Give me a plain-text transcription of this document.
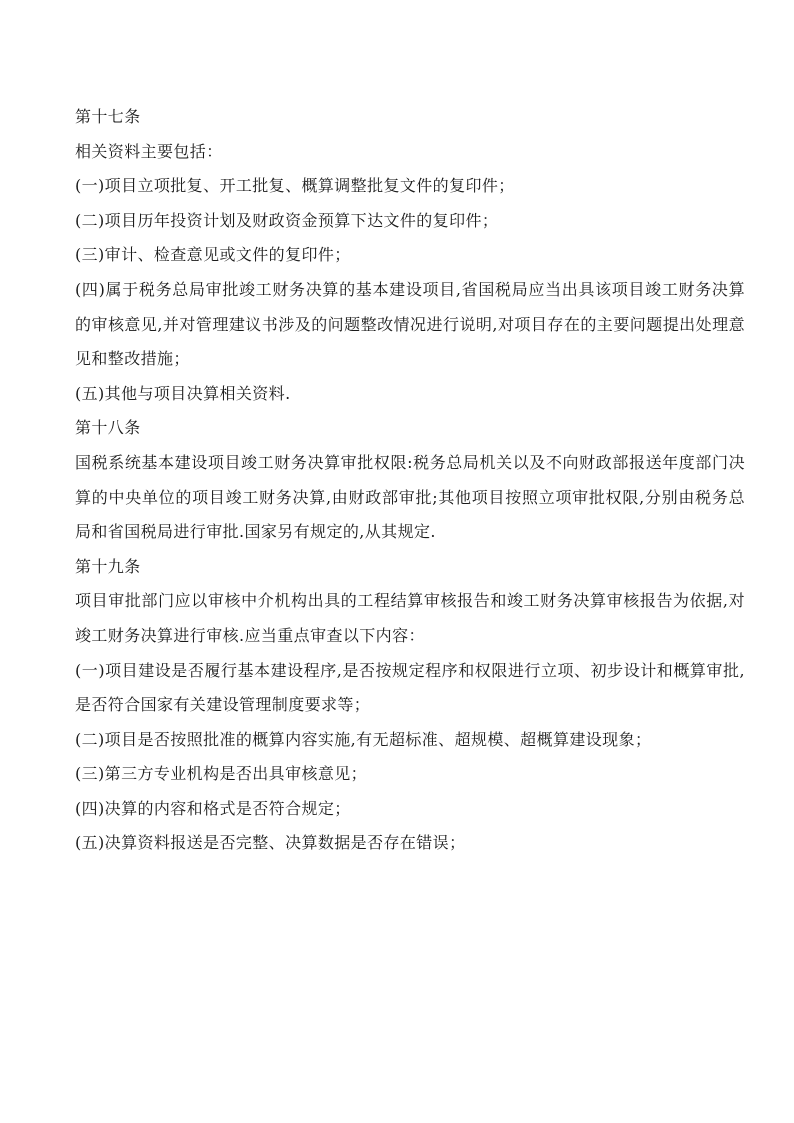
第十七条

相关资料主要包括：

(一)项目立项批复、开工批复、概算调整批复文件的复印件；

(二)项目历年投资计划及财政资金预算下达文件的复印件；

(三)审计、检查意见或文件的复印件；

(四)属于税务总局审批竣工财务决算的基本建设项目,省国税局应当出具该项目竣工财务决算的审核意见,并对管理建议书涉及的问题整改情况进行说明,对项目存在的主要问题提出处理意见和整改措施；

(五)其他与项目决算相关资料.

第十八条

国税系统基本建设项目竣工财务决算审批权限:税务总局机关以及不向财政部报送年度部门决算的中央单位的项目竣工财务决算,由财政部审批;其他项目按照立项审批权限,分别由税务总局和省国税局进行审批.国家另有规定的,从其规定.

第十九条

项目审批部门应以审核中介机构出具的工程结算审核报告和竣工财务决算审核报告为依据,对竣工财务决算进行审核.应当重点审查以下内容：

(一)项目建设是否履行基本建设程序,是否按规定程序和权限进行立项、初步设计和概算审批,是否符合国家有关建设管理制度要求等；

(二)项目是否按照批准的概算内容实施,有无超标准、超规模、超概算建设现象；

(三)第三方专业机构是否出具审核意见；

(四)决算的内容和格式是否符合规定；

(五)决算资料报送是否完整、决算数据是否存在错误；
